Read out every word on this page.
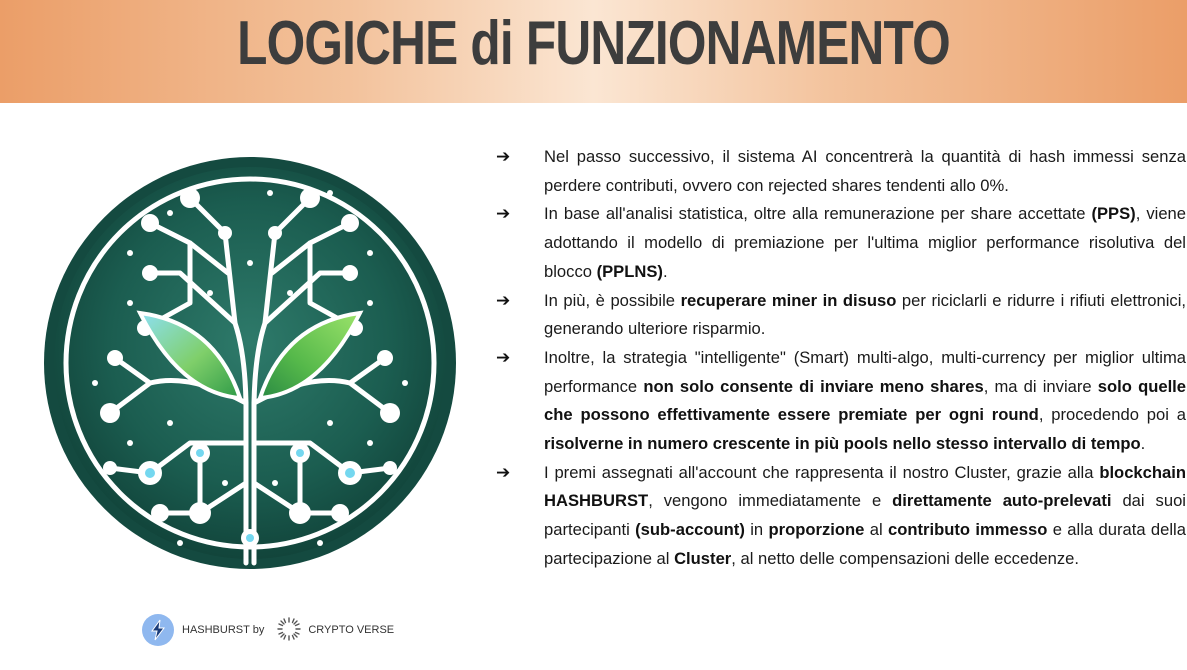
LOGICHE di FUNZIONAMENTO
HASHBURST by	CRYPTO VERSE
➔ Nel passo successivo, il sistema AI concentrerà la quantità di hash immessi senza perdere contributi, ovvero con rejected shares tendenti allo 0%.
➔ In base all'analisi statistica, oltre alla remunerazione per share accettate (PPS), viene adottando il modello di premiazione per l'ultima miglior performance risolutiva del blocco (PPLNS).
➔ In più, è possibile recuperare miner in disuso per riciclarli e ridurre i rifiuti elettronici, generando ulteriore risparmio.
➔ Inoltre, la strategia "intelligente" (Smart) multi-algo, multi-currency per miglior ultima performance non solo consente di inviare meno shares, ma di inviare solo quelle che possono effettivamente essere premiate per ogni round, procedendo poi a risolverne in numero crescente in più pools nello stesso intervallo di tempo.
➔ I premi assegnati all'account che rappresenta il nostro Cluster, grazie alla blockchain HASHBURST, vengono immediatamente e direttamente auto-prelevati dai suoi partecipanti (sub-account) in proporzione al contributo immesso e alla durata della partecipazione al Cluster, al netto delle compensazioni delle eccedenze.
